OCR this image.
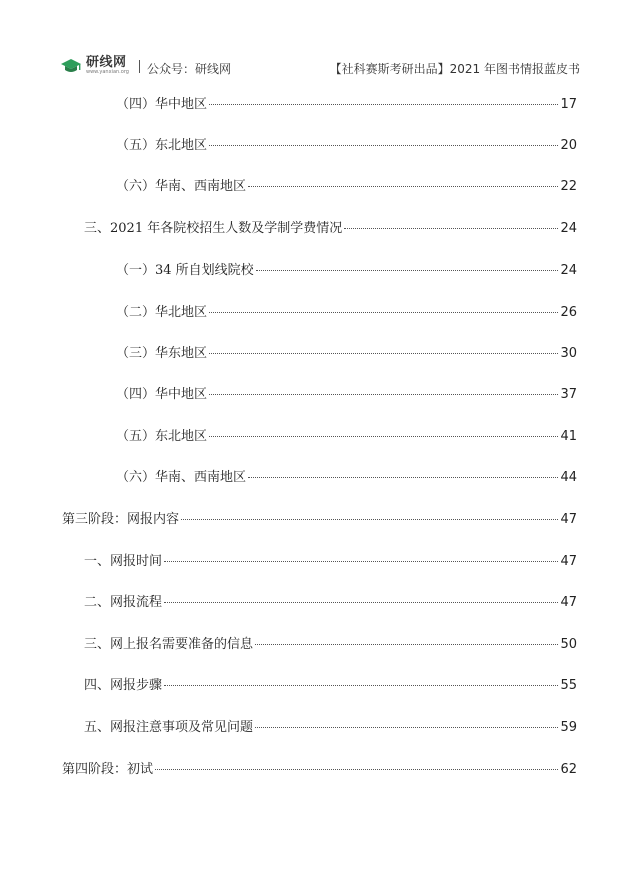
研线网
www.yanxian.org 公众号：研线网	【社科赛斯考研出品】2021 年图书情报蓝皮书
（四）华中地区	17
（五）东北地区	20
（六）华南、西南地区	22
三、2021 年各院校招生人数及学制学费情况	24
（一）34 所自划线院校	24
（二）华北地区	26
（三）华东地区	30
（四）华中地区	37
（五）东北地区	41
（六）华南、西南地区	44
第三阶段：网报内容	47
一、网报时间	47
二、网报流程	47
三、网上报名需要准备的信息	50
四、网报步骤	55
五、网报注意事项及常见问题	59
第四阶段：初试	62
